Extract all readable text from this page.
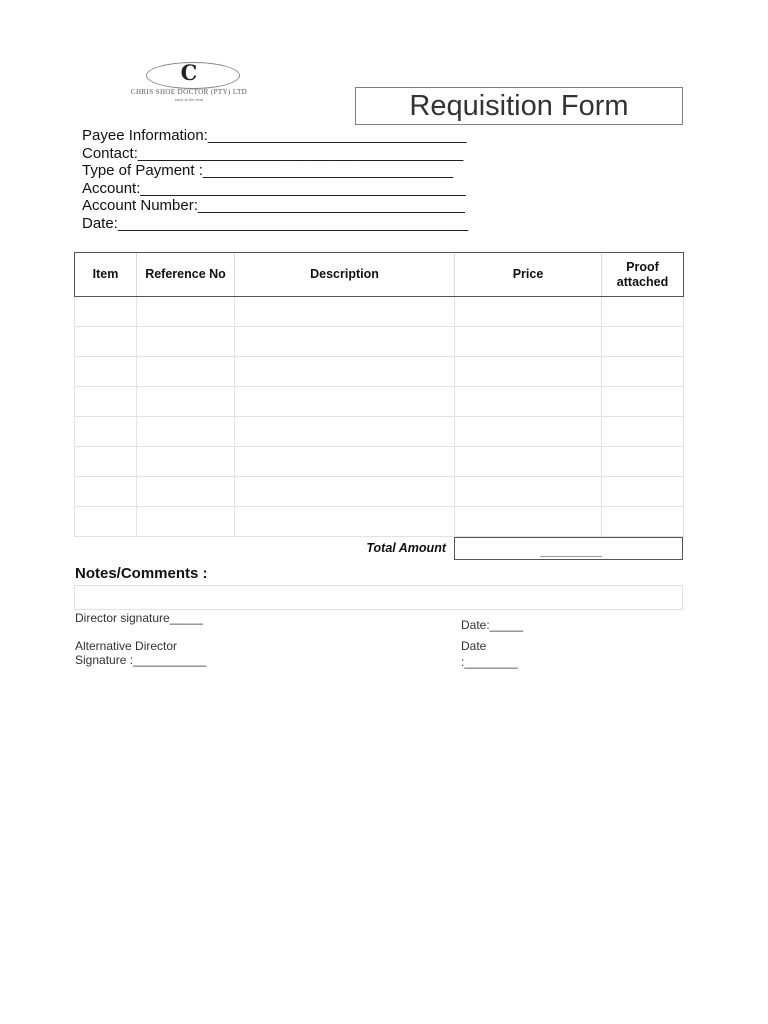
C
CHRIS SHOE DOCTOR (PTY) LTD
back at the beat	Requisition Form
Payee Information:_______________________________
Contact:_______________________________________
Type of Payment :______________________________
Account:_______________________________________
Account Number:________________________________
Date:__________________________________________
Item	Reference No	Description	Price	Proof attached

Total Amount
Notes/Comments :
Director signature_____	Date:_____
Alternative Director
Signature :___________
Date
:________
